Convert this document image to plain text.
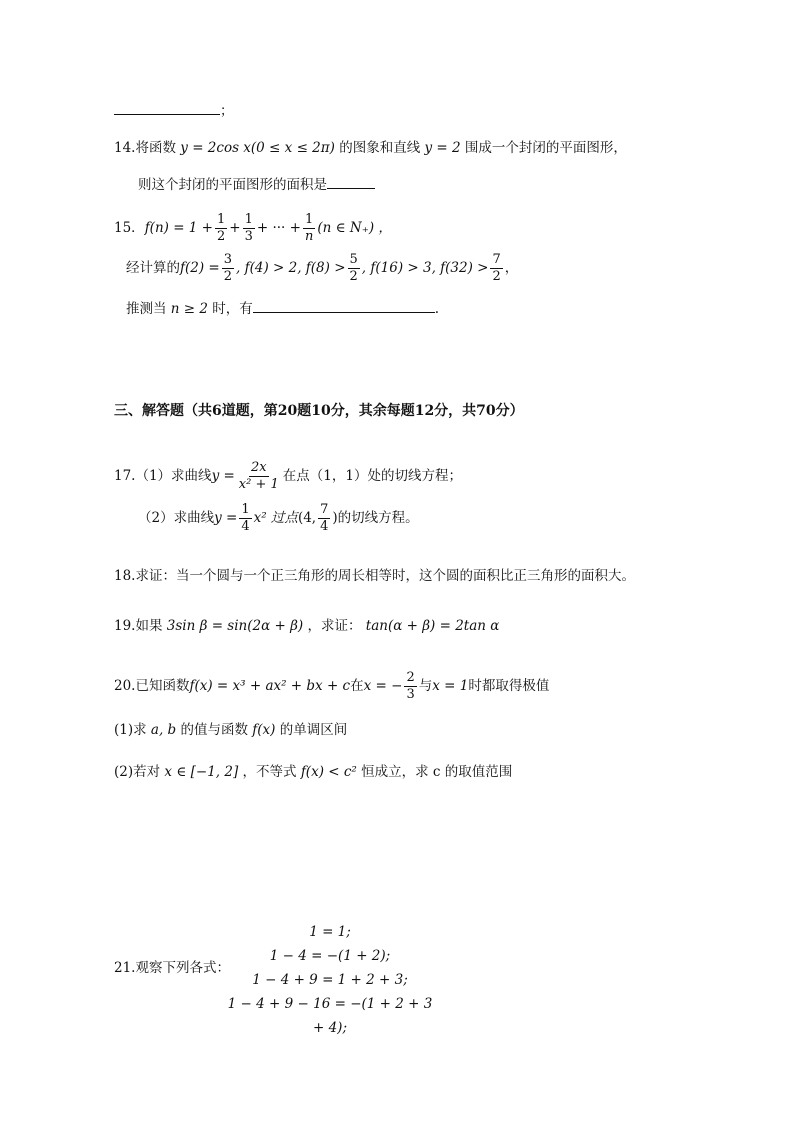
；
14.将函数 y = 2cos x(0 ≤ x ≤ 2π) 的图象和直线 y = 2 围成一个封闭的平面图形，
则这个封闭的平面图形的面积是
15． $f(n) = 1 + \frac{1}{2} + \frac{1}{3}$ + ··· + $\frac{1}{n} (n$ ∈ N₊) ，
经计算的 $f(2) = \frac{3}{2}$ , f(4) > 2, $f(8) > \frac{5}{2}$ , f(16) > 3, $f(32) > \frac{7}{2}$ ，
推测当 n ≥ 2 时，有	.
三、解答题（共6道题，第20题10分，其余每题12分，共70分）
17.（1）求曲线 $y = \frac{2x}{\text{x² + 1}}$ 在点（1，1）处的切线方程；
（2）求曲线 $y = \frac{1}{4} x^2$ 过点 (4, $\frac{7}{4}$ ) 的切线方程。
18.求证：当一个圆与一个正三角形的周长相等时，这个圆的面积比正三角形的面积大。
19.如果 3sin β = sin(2α + β) ，求证： tan(α + β) = 2tan α
20.已知函数 f(x) = x³ + ax² + bx + c 在 x = − $\frac{2}{3}$ 与 x = 1 时都取得极值
(1)求 a, b 的值与函数 f(x) 的单调区间
(2)若对 x ∈ [−1, 2] ，不等式 f(x) < c² 恒成立，求 c 的取值范围
21.观察下列各式：
1 = 1;
1 − 4 = −(1 + 2);
1 − 4 + 9 = 1 + 2 + 3;
1 − 4 + 9 − 16 = −(1 + 2 + 3 + 4);
